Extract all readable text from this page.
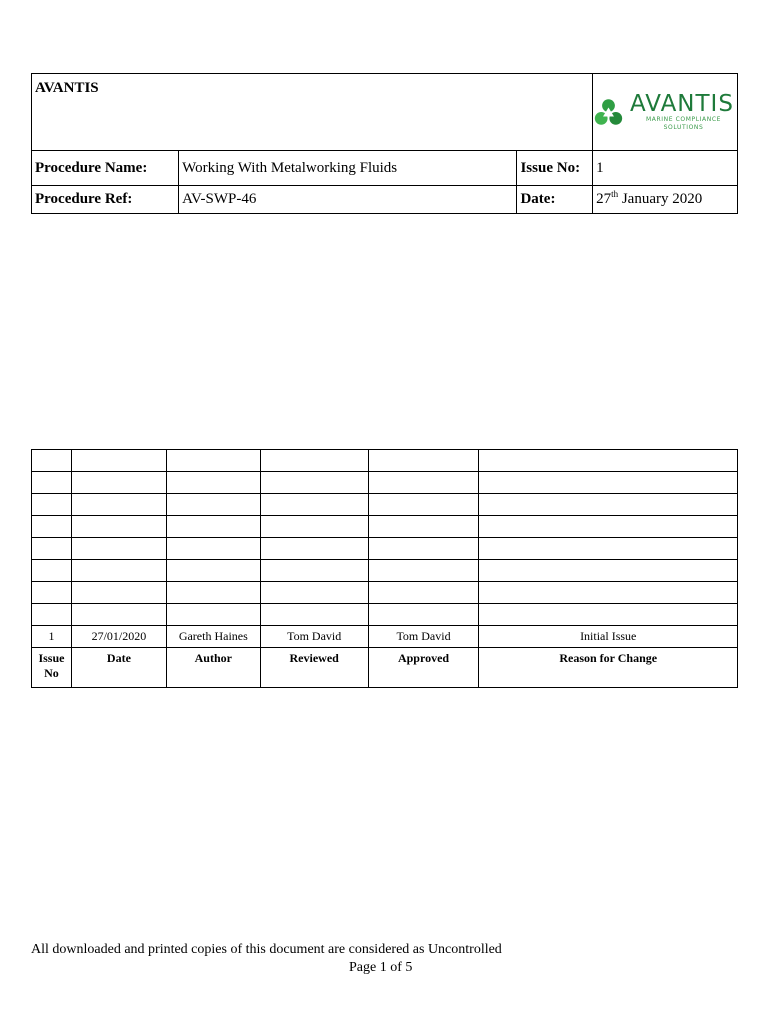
AVANTIS			AVANTIS
MARINE COMPLIANCE SOLUTIONS

Procedure Name:	Working With Metalworking Fluids	Issue No:	1
Procedure Ref:	AV-SWP-46	Date:	27th January 2020

1	27/01/2020	Gareth Haines	Tom David	Tom David	Initial Issue
Issue No	Date	Author	Reviewed	Approved	Reason for Change
All downloaded and printed copies of this document are considered as Uncontrolled
Page 1 of 5
